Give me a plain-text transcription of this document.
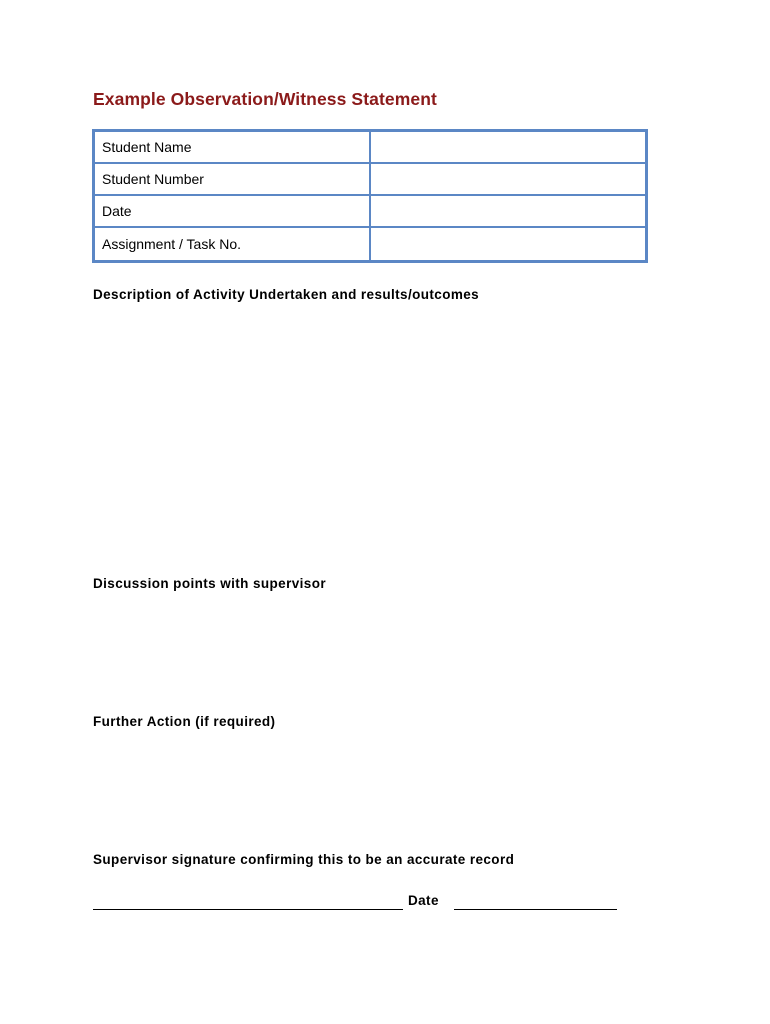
Example Observation/Witness Statement
Student Name	
Student Number	
Date	
Assignment / Task No.	
Description of Activity Undertaken and results/outcomes
Discussion points with supervisor
Further Action (if required)
Supervisor signature confirming this to be an accurate record
Date
